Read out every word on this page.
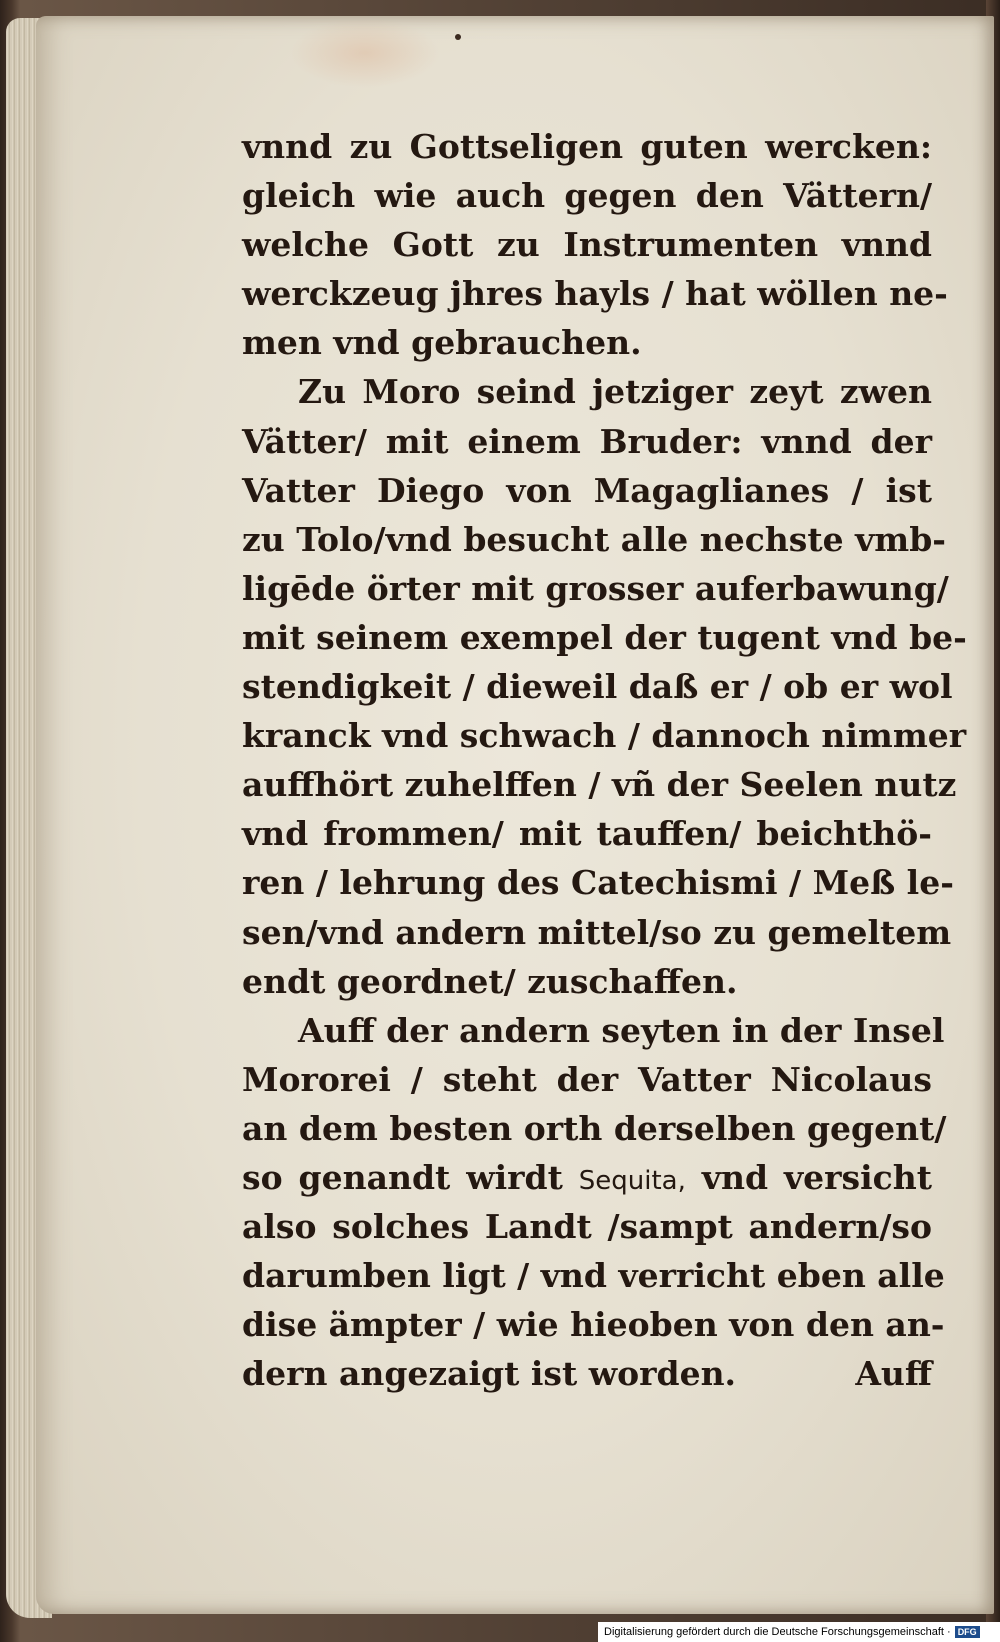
vnnd zu Gottseligen guten wercken:
gleich wie auch gegen den Vättern/
welche Gott zu Instrumenten vnnd
werckzeug jhres hayls / hat wöllen ne-
men vnd gebrauchen.
Zu Moro seind jetziger zeyt zwen
Vätter/ mit einem Bruder: vnnd der
Vatter Diego von Magaglianes / ist
zu Tolo/vnd besucht alle nechste vmb-
ligēde örter mit grosser auferbawung/
mit seinem exempel der tugent vnd be-
stendigkeit / dieweil daß er / ob er wol
kranck vnd schwach / dannoch nimmer
auffhört zuhelffen / vñ der Seelen nutz
vnd frommen/ mit tauffen/ beichthö-
ren / lehrung des Catechismi / Meß le-
sen/vnd andern mittel/so zu gemeltem
endt geordnet/ zuschaffen.
Auff der andern seyten in der Insel
Mororei / steht der Vatter Nicolaus
an dem besten orth derselben gegent/
so genandt wirdt Sequita, vnd versicht
also solches Landt /sampt andern/so
darumben ligt / vnd verricht eben alle
dise ämpter / wie hieoben von den an-
dern angezaigt ist worden.	Auff
Digitalisierung gefördert durch die Deutsche Forschungsgemeinschaft · DFG
